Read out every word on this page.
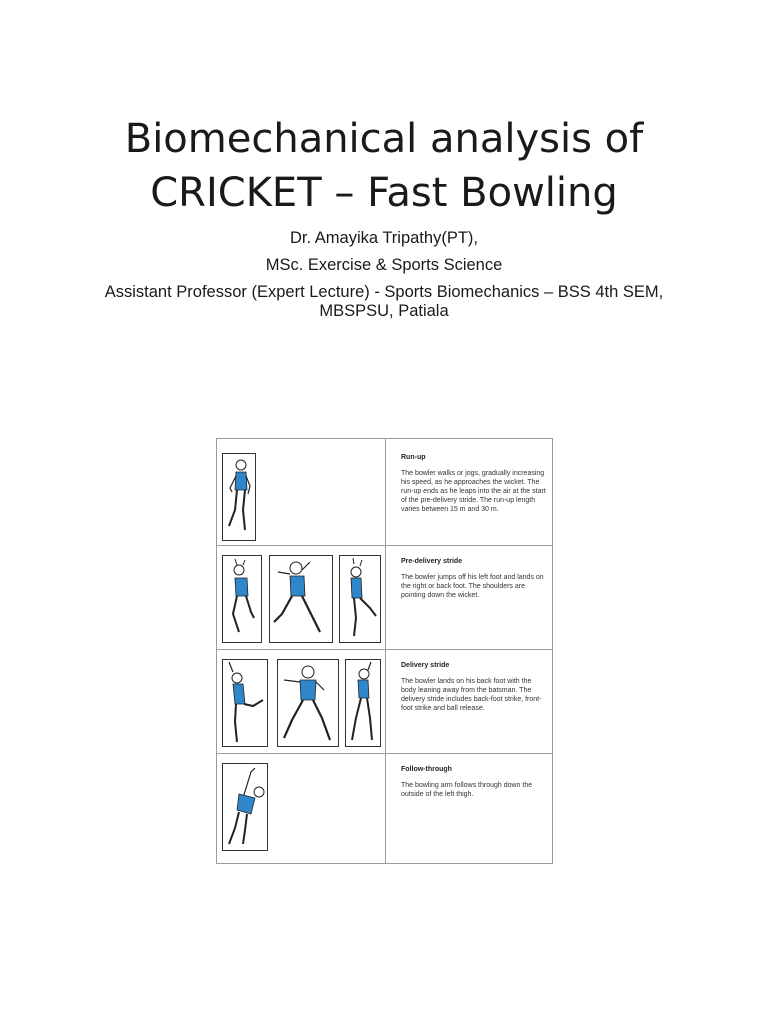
Biomechanical analysis of
CRICKET – Fast Bowling
Dr. Amayika Tripathy(PT),
MSc. Exercise & Sports Science
Assistant Professor (Expert Lecture) - Sports Biomechanics – BSS 4th SEM, MBSPSU, Patiala
Run-up
The bowler walks or jogs, gradually increasing his speed, as he approaches the wicket. The run-up ends as he leaps into the air at the start of the pre-delivery stride. The run-up length varies between 15 m and 30 m.
Pre-delivery stride
The bowler jumps off his left foot and lands on the right or back foot. The shoulders are pointing down the wicket.
Delivery stride
The bowler lands on his back foot with the body leaning away from the batsman. The delivery stride includes back-foot strike, front-foot strike and ball release.
Follow-through
The bowling arm follows through down the outside of the left thigh.
